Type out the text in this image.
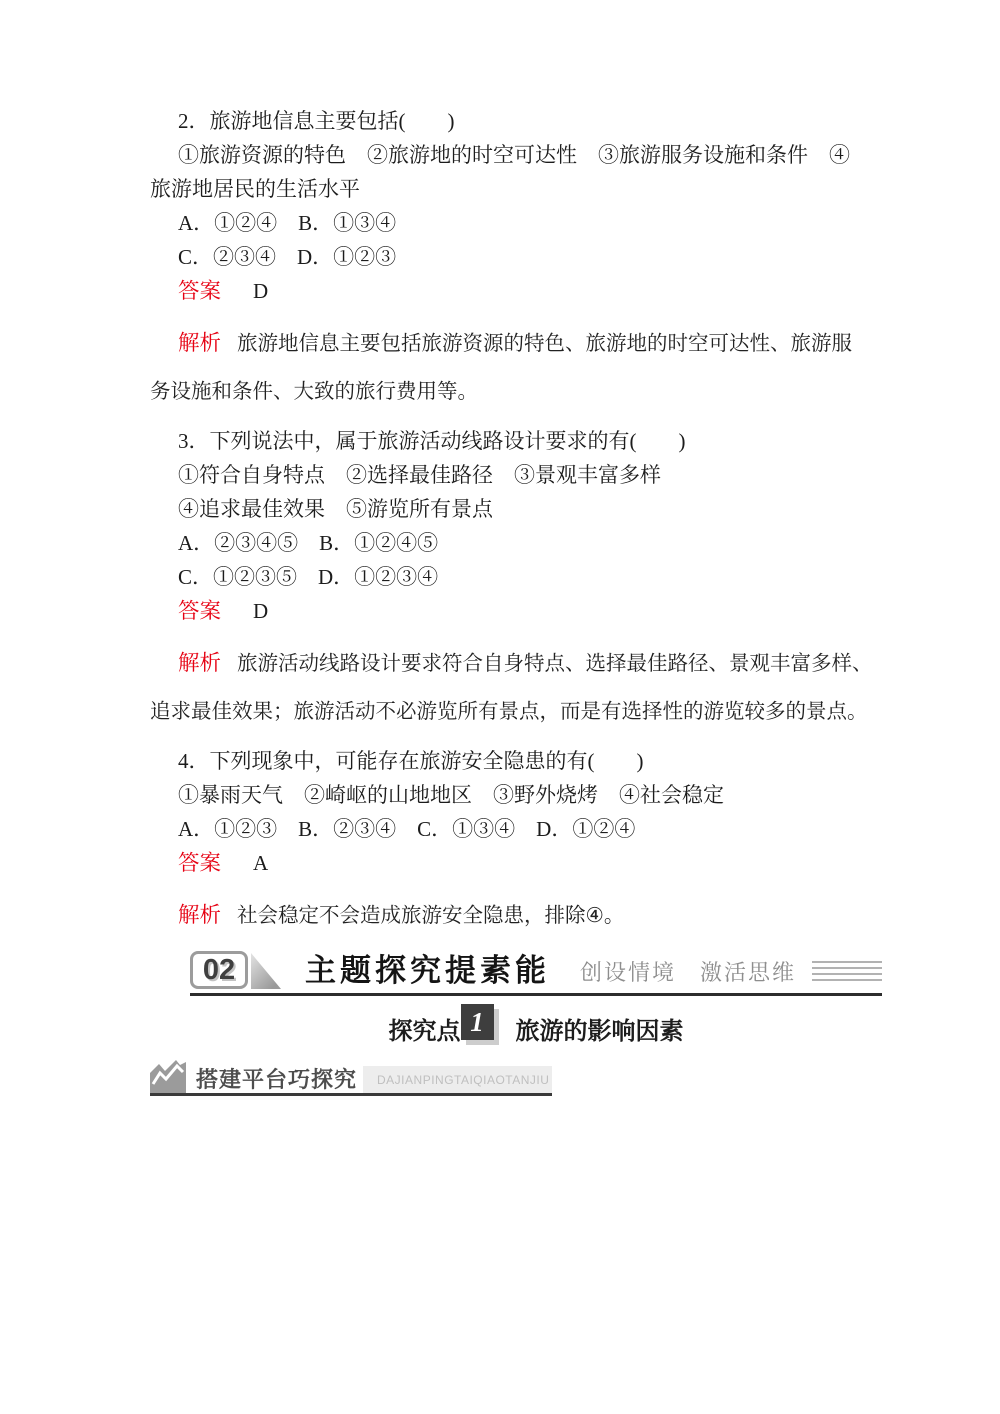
2．旅游地信息主要包括(　　)

①旅游资源的特色　②旅游地的时空可达性　③旅游服务设施和条件　④

旅游地居民的生活水平

A．①②④　B．①③④

C．②③④　D．①②③

答案 D

解析 旅游地信息主要包括旅游资源的特色、旅游地的时空可达性、旅游服

务设施和条件、大致的旅行费用等。

3．下列说法中，属于旅游活动线路设计要求的有(　　)

①符合自身特点　②选择最佳路径　③景观丰富多样

④追求最佳效果　⑤游览所有景点

A．②③④⑤　B．①②④⑤

C．①②③⑤　D．①②③④

答案 D

解析 旅游活动线路设计要求符合自身特点、选择最佳路径、景观丰富多样、

追求最佳效果；旅游活动不必游览所有景点，而是有选择性的游览较多的景点。

4．下列现象中，可能存在旅游安全隐患的有(　　)

①暴雨天气　②崎岖的山地地区　③野外烧烤　④社会稳定

A．①②③　B．②③④　C．①③④　D．①②④

答案 A

解析 社会稳定不会造成旅游安全隐患，排除④。

02	主题探究提素能 创设情境　激活思维
探究点 1	旅游的影响因素
搭建平台巧探究	DAJIANPINGTAIQIAOTANJIU
